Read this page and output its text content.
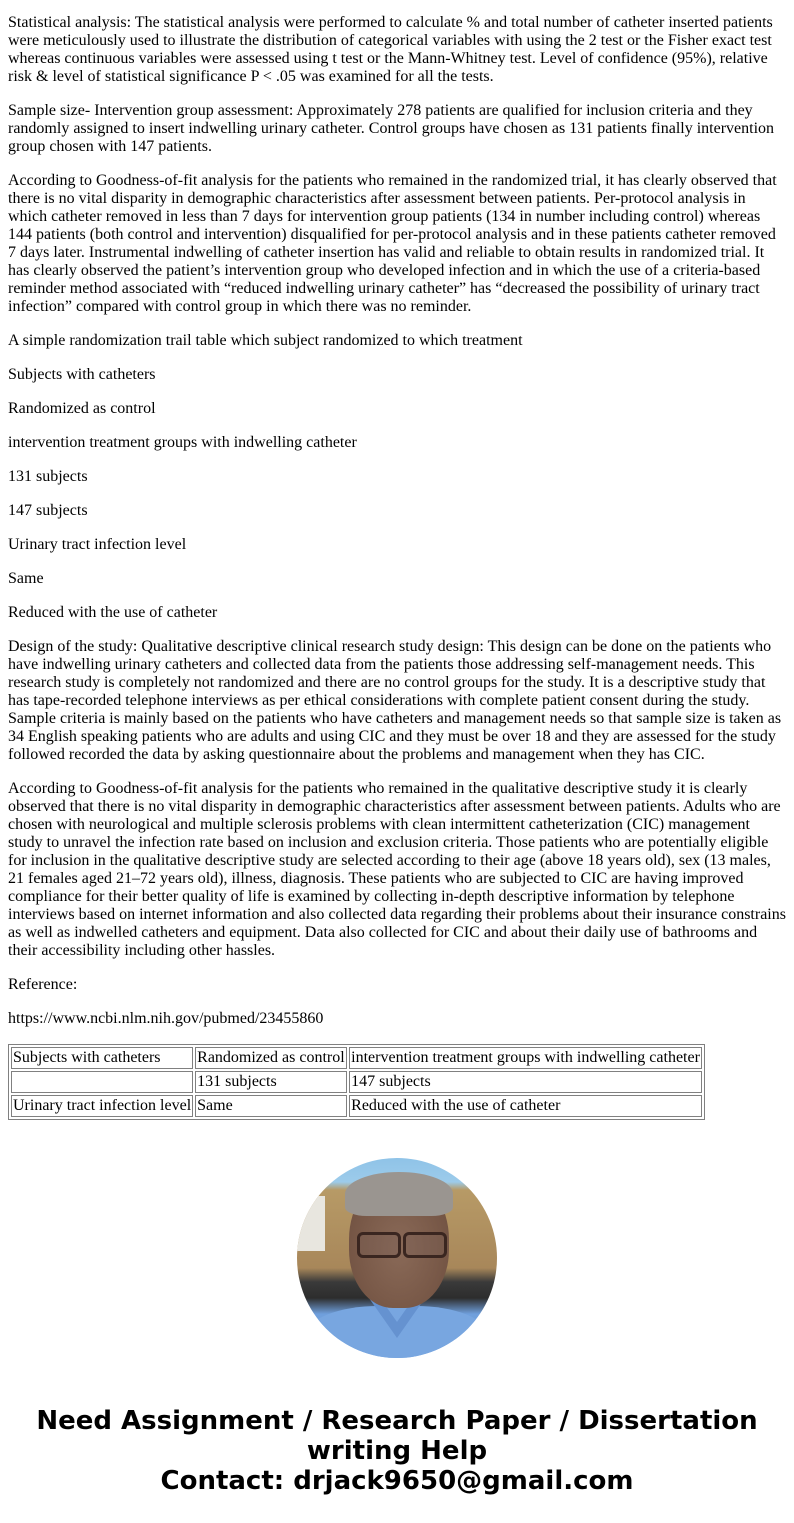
Statistical analysis: The statistical analysis were performed to calculate % and total number of catheter inserted patients were meticulously used to illustrate the distribution of categorical variables with using the 2 test or the Fisher exact test whereas continuous variables were assessed using t test or the Mann-Whitney test. Level of confidence (95%), relative risk & level of statistical significance P < .05 was examined for all the tests.

Sample size- Intervention group assessment: Approximately 278 patients are qualified for inclusion criteria and they randomly assigned to insert indwelling urinary catheter. Control groups have chosen as 131 patients finally intervention group chosen with 147 patients.

According to Goodness-of-fit analysis for the patients who remained in the randomized trial, it has clearly observed that there is no vital disparity in demographic characteristics after assessment between patients. Per-protocol analysis in which catheter removed in less than 7 days for intervention group patients (134 in number including control) whereas 144 patients (both control and intervention) disqualified for per-protocol analysis and in these patients catheter removed 7 days later. Instrumental indwelling of catheter insertion has valid and reliable to obtain results in randomized trial. It has clearly observed the patient’s intervention group who developed infection and in which the use of a criteria-based reminder method associated with “reduced indwelling urinary catheter” has “decreased the possibility of urinary tract infection” compared with control group in which there was no reminder.

A simple randomization trail table which subject randomized to which treatment

Subjects with catheters

Randomized as control

intervention treatment groups with indwelling catheter

131 subjects

147 subjects

Urinary tract infection level

Same

Reduced with the use of catheter

Design of the study: Qualitative descriptive clinical research study design: This design can be done on the patients who have indwelling urinary catheters and collected data from the patients those addressing self-management needs. This research study is completely not randomized and there are no control groups for the study. It is a descriptive study that has tape-recorded telephone interviews as per ethical considerations with complete patient consent during the study. Sample criteria is mainly based on the patients who have catheters and management needs so that sample size is taken as 34 English speaking patients who are adults and using CIC and they must be over 18 and they are assessed for the study followed recorded the data by asking questionnaire about the problems and management when they has CIC.

According to Goodness-of-fit analysis for the patients who remained in the qualitative descriptive study it is clearly observed that there is no vital disparity in demographic characteristics after assessment between patients. Adults who are chosen with neurological and multiple sclerosis problems with clean intermittent catheterization (CIC) management study to unravel the infection rate based on inclusion and exclusion criteria. Those patients who are potentially eligible for inclusion in the qualitative descriptive study are selected according to their age (above 18 years old), sex (13 males, 21 females aged 21–72 years old), illness, diagnosis. These patients who are subjected to CIC are having improved compliance for their better quality of life is examined by collecting in-depth descriptive information by telephone interviews based on internet information and also collected data regarding their problems about their insurance constrains as well as indwelled catheters and equipment. Data also collected for CIC and about their daily use of bathrooms and their accessibility including other hassles.

Reference:

https://www.ncbi.nlm.nih.gov/pubmed/23455860

Subjects with catheters	Randomized as control	intervention treatment groups with indwelling catheter
	131 subjects	147 subjects
Urinary tract infection level	Same	Reduced with the use of catheter
Need Assignment / Research Paper / Dissertation
writing Help
Contact: drjack9650@gmail.com
